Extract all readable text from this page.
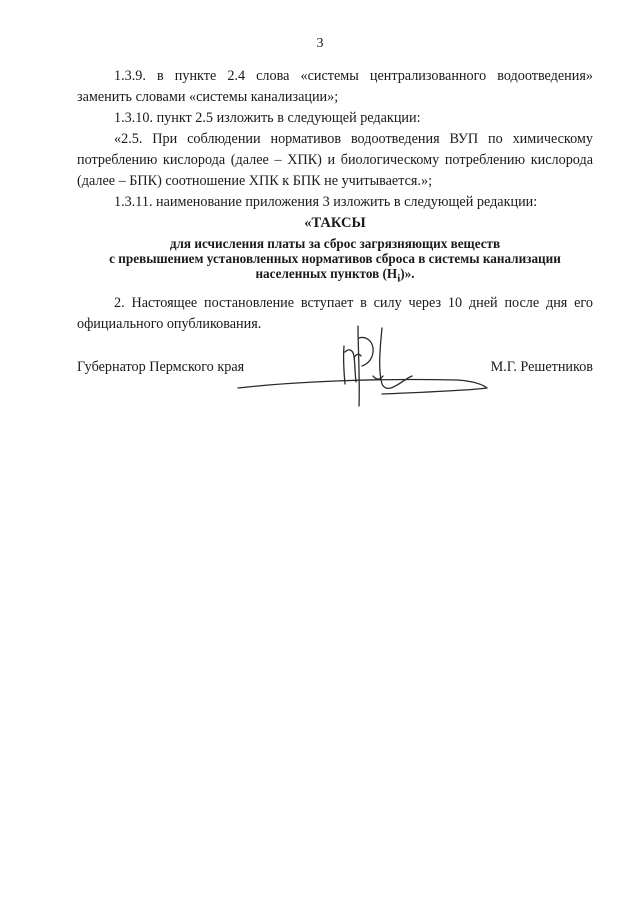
3

1.3.9. в пункте 2.4 слова «системы централизованного водоотведения» заменить словами «системы канализации»;

1.3.10. пункт 2.5 изложить в следующей редакции:

«2.5. При соблюдении нормативов водоотведения ВУП по химическому потреблению кислорода (далее – ХПК) и биологическому потреблению кислорода (далее – БПК) соотношение ХПК к БПК не учитывается.»;

1.3.11. наименование приложения 3 изложить в следующей редакции:

«ТАКСЫ
для исчисления платы за сброс загрязняющих веществ
с превышением установленных нормативов сброса в системы канализации
населенных пунктов $(Н_i)$».

2. Настоящее постановление вступает в силу через 10 дней после дня его официального опубликования.

Губернатор Пермского края	М.Г. Решетников
